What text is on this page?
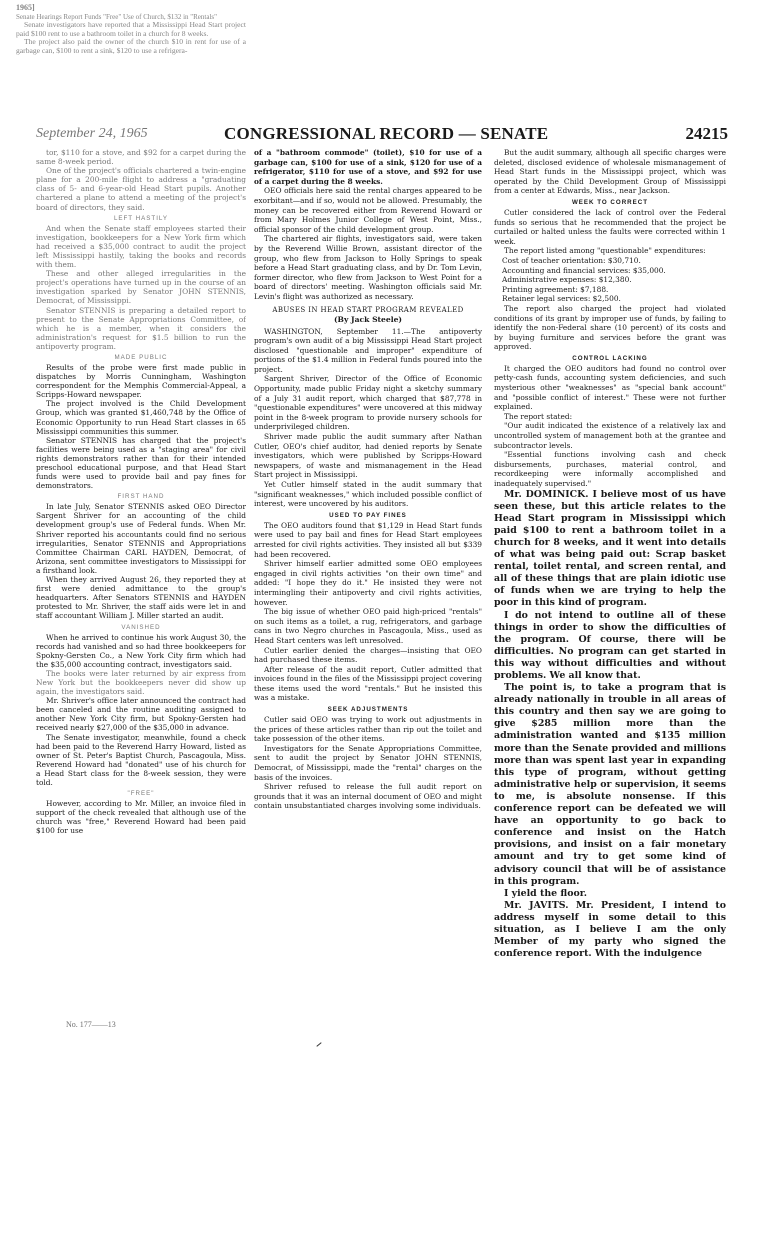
1965]
Senate Hearings Report Funds "Free" Use of Church, $132 in "Rentals"

Senate investigators have reported that a Mississippi Head Start project paid $100 rent to use a bathroom toilet in a church for 8 weeks.

The project also paid the owner of the church $10 in rent for use of a garbage can, $100 to rent a sink, $120 to use a refrigera-

September 24, 1965	CONGRESSIONAL RECORD — SENATE	24215

tor, $110 for a stove, and $92 for a carpet during the same 8-week period.

One of the project's officials chartered a twin-engine plane for a 200-mile flight to address a "graduating class of 5- and 6-year-old Head Start pupils. Another chartered a plane to attend a meeting of the project's board of directors, they said.

LEFT HASTILY

And when the Senate staff employees started their investigation, bookkeepers for a New York firm which had received a $35,000 contract to audit the project left Mississippi hastily, taking the books and records with them.

These and other alleged irregularities in the project's operations have turned up in the course of an investigation sparked by Senator JOHN STENNIS, Democrat, of Mississippi.

Senator STENNIS is preparing a detailed report to present to the Senate Appropriations Committee, of which he is a member, when it considers the administration's request for $1.5 billion to run the antipoverty program.

MADE PUBLIC

Results of the probe were first made public in dispatches by Morris Cunningham, Washington correspondent for the Memphis Commercial-Appeal, a Scripps-Howard newspaper.

The project involved is the Child Development Group, which was granted $1,460,748 by the Office of Economic Opportunity to run Head Start classes in 65 Mississippi communities this summer.

Senator STENNIS has charged that the project's facilities were being used as a "staging area" for civil rights demonstrators rather than for their intended preschool educational purpose, and that Head Start funds were used to provide bail and pay fines for demonstrators.

FIRST HAND

In late July, Senator STENNIS asked OEO Director Sargent Shriver for an accounting of the child development group's use of Federal funds. When Mr. Shriver reported his accountants could find no serious irregularities, Senator STENNIS and Appropriations Committee Chairman CARL HAYDEN, Democrat, of Arizona, sent committee investigators to Mississippi for a firsthand look.

When they arrived August 26, they reported they at first were denied admittance to the group's headquarters. After Senators STENNIS and HAYDEN protested to Mr. Shriver, the staff aids were let in and staff accountant William J. Miller started an audit.

VANISHED

When he arrived to continue his work August 30, the records had vanished and so had three bookkeepers for Spokny-Gersten Co., a New York City firm which had the $35,000 accounting contract, investigators said.

The books were later returned by air express from New York but the bookkeepers never did show up again, the investigators said.

Mr. Shriver's office later announced the contract had been canceled and the routine auditing assigned to another New York City firm, but Spokny-Gersten had received nearly $27,000 of the $35,000 in advance.

The Senate investigator, meanwhile, found a check had been paid to the Reverend Harry Howard, listed as owner of St. Peter's Baptist Church, Pascagoula, Miss. Reverend Howard had "donated" use of his church for a Head Start class for the 8-week session, they were told.

"FREE"

However, according to Mr. Miller, an invoice filed in support of the check revealed that although use of the church was "free," Reverend Howard had been paid $100 for use

of a "bathroom commode" (toilet), $10 for use of a garbage can, $100 for use of a sink, $120 for use of a refrigerator, $110 for use of a stove, and $92 for use of a carpet during the 8 weeks.

OEO officials here said the rental charges appeared to be exorbitant—and if so, would not be allowed. Presumably, the money can be recovered either from Reverend Howard or from Mary Holmes Junior College of West Point, Miss., official sponsor of the child development group.

The chartered air flights, investigators said, were taken by the Reverend Willie Brown, assistant director of the group, who flew from Jackson to Holly Springs to speak before a Head Start graduating class, and by Dr. Tom Levin, former director, who flew from Jackson to West Point for a board of directors' meeting. Washington officials said Mr. Levin's flight was authorized as necessary.

ABUSES IN HEAD START PROGRAM REVEALED
(By Jack Steele)

WASHINGTON, September 11.—The antipoverty program's own audit of a big Mississippi Head Start project disclosed "questionable and improper" expenditure of portions of the $1.4 million in Federal funds poured into the project.

Sargent Shriver, Director of the Office of Economic Opportunity, made public Friday night a sketchy summary of a July 31 audit report, which charged that $87,778 in "questionable expenditures" were uncovered at this midway point in the 8-week program to provide nursery schools for underprivileged children.

Shriver made public the audit summary after Nathan Cutler, OEO's chief auditor, had denied reports by Senate investigators, which were published by Scripps-Howard newspapers, of waste and mismanagement in the Head Start project in Mississippi.

Yet Cutler himself stated in the audit summary that "significant weaknesses," which included possible conflict of interest, were uncovered by his auditors.

USED TO PAY FINES

The OEO auditors found that $1,129 in Head Start funds were used to pay bail and fines for Head Start employees arrested for civil rights activities. They insisted all but $339 had been recovered.

Shriver himself earlier admitted some OEO employees engaged in civil rights activities "on their own time" and added: "I hope they do it." He insisted they were not intermingling their antipoverty and civil rights activities, however.

The big issue of whether OEO paid high-priced "rentals" on such items as a toilet, a rug, refrigerators, and garbage cans in two Negro churches in Pascagoula, Miss., used as Head Start centers was left unresolved.

Cutler earlier denied the charges—insisting that OEO had purchased these items.

After release of the audit report, Cutler admitted that invoices found in the files of the Mississippi project covering these items used the word "rentals." But he insisted this was a mistake.

SEEK ADJUSTMENTS

Cutler said OEO was trying to work out adjustments in the prices of these articles rather than rip out the toilet and take possession of the other items.

Investigators for the Senate Appropriations Committee, sent to audit the project by Senator JOHN STENNIS, Democrat, of Mississippi, made the "rental" charges on the basis of the invoices.

Shriver refused to release the full audit report on grounds that it was an internal document of OEO and might contain unsubstantiated charges involving some individuals.

But the audit summary, although all specific charges were deleted, disclosed evidence of wholesale mismanagement of Head Start funds in the Mississippi project, which was operated by the Child Development Group of Mississippi from a center at Edwards, Miss., near Jackson.

WEEK TO CORRECT

Cutler considered the lack of control over the Federal funds so serious that he recommended that the project be curtailed or halted unless the faults were corrected within 1 week.

The report listed among "questionable" expenditures:

Cost of teacher orientation: $30,710.
Accounting and financial services: $35,000.
Administrative expenses: $12,380.
Printing agreement: $7,188.
Retainer legal services: $2,500.

The report also charged the project had violated conditions of its grant by improper use of funds, by failing to identify the non-Federal share (10 percent) of its costs and by buying furniture and services before the grant was approved.

CONTROL LACKING

It charged the OEO auditors had found no control over petty-cash funds, accounting system deficiencies, and such mysterious other "weaknesses" as "special bank account" and "possible conflict of interest." These were not further explained.

The report stated:

"Our audit indicated the existence of a relatively lax and uncontrolled system of management both at the grantee and subcontractor levels.

"Essential functions involving cash and check disbursements, purchases, material control, and recordkeeping were informally accomplished and inadequately supervised."

Mr. DOMINICK. I believe most of us have seen these, but this article relates to the Head Start program in Mississippi which paid $100 to rent a bathroom toilet in a church for 8 weeks, and it went into details of what was being paid out: Scrap basket rental, toilet rental, and screen rental, and all of these things that are plain idiotic use of funds when we are trying to help the poor in this kind of program.

I do not intend to outline all of these things in order to show the difficulties of the program. Of course, there will be difficulties. No program can get started in this way without difficulties and without problems. We all know that.

The point is, to take a program that is already nationally in trouble in all areas of this country and then say we are going to give $285 million more than the administration wanted and $135 million more than the Senate provided and millions more than was spent last year in expanding this type of program, without getting administrative help or supervision, it seems to me, is absolute nonsense. If this conference report can be defeated we will have an opportunity to go back to conference and insist on the Hatch provisions, and insist on a fair monetary amount and try to get some kind of advisory council that will be of assistance in this program.

I yield the floor.

Mr. JAVITS. Mr. President, I intend to address myself in some detail to this situation, as I believe I am the only Member of my party who signed the conference report. With the indulgence

No. 177——13
